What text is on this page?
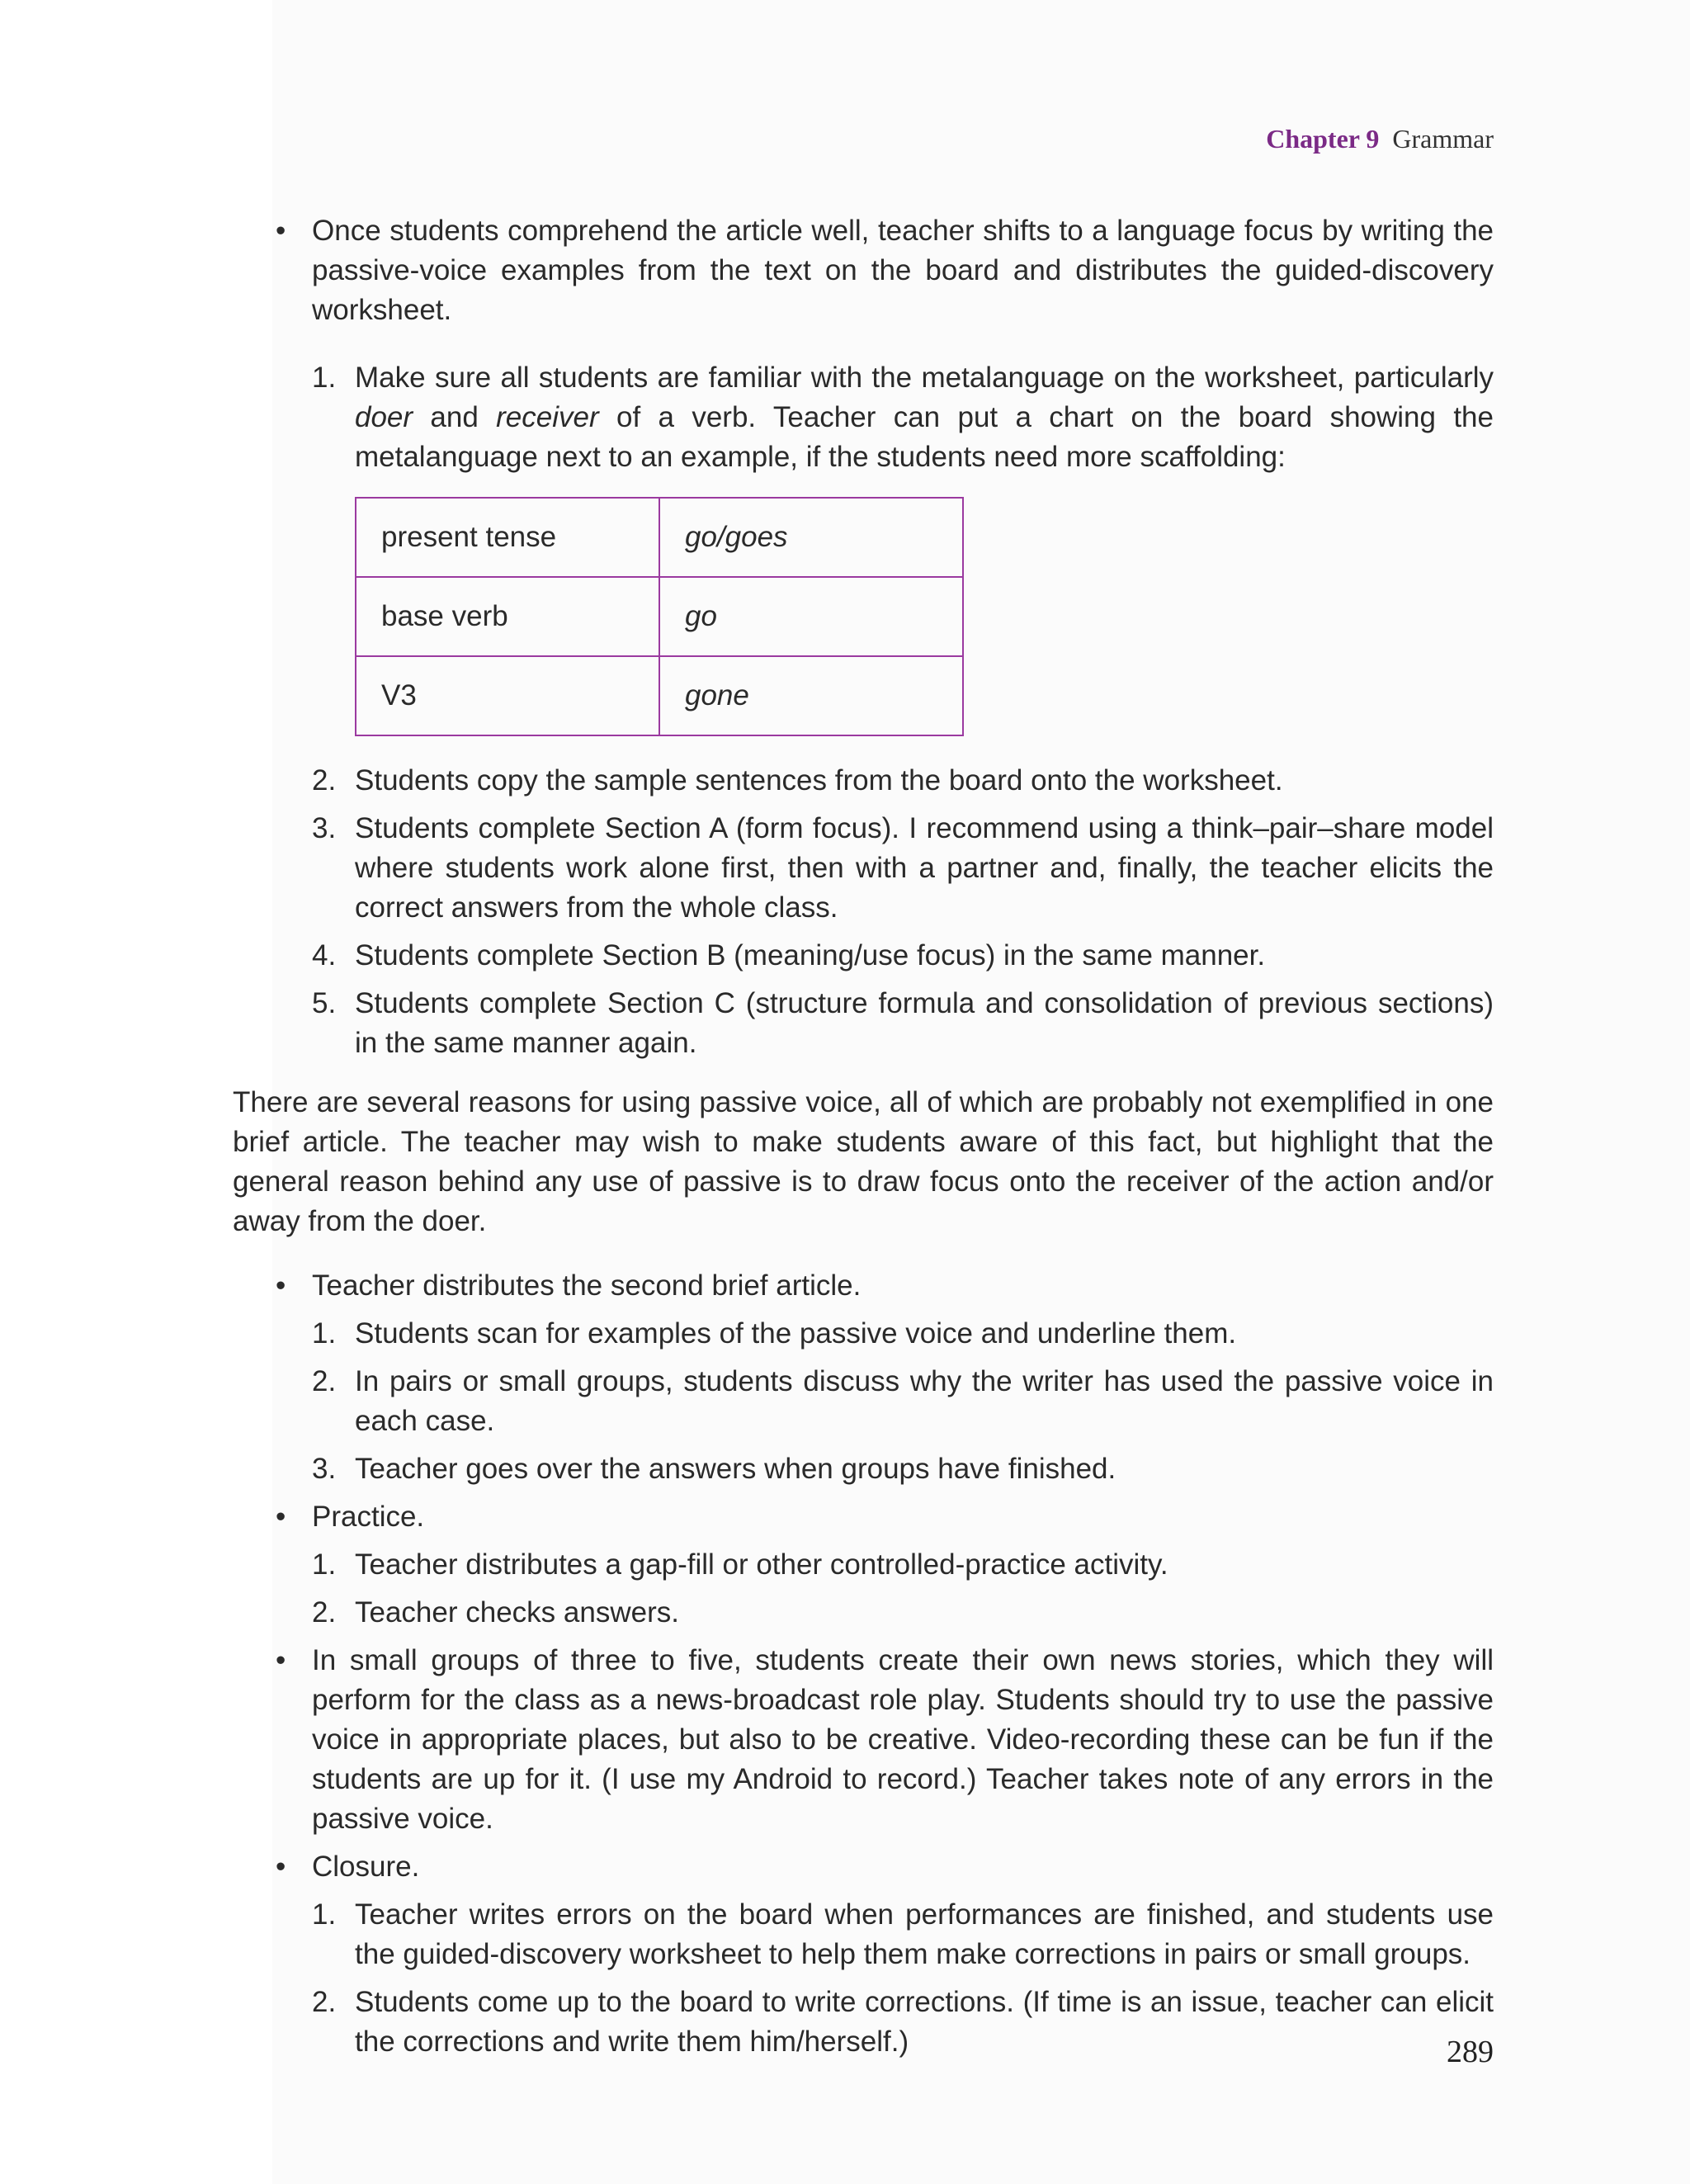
Chapter 9 Grammar
• Once students comprehend the article well, teacher shifts to a language focus by writing the passive-voice examples from the text on the board and distributes the guided-discovery worksheet.
1. Make sure all students are familiar with the metalanguage on the worksheet, particularly doer and receiver of a verb. Teacher can put a chart on the board showing the metalanguage next to an example, if the students need more scaffolding:
present tense	go/goes
base verb	go
V3	gone
2. Students copy the sample sentences from the board onto the worksheet.
3. Students complete Section A (form focus). I recommend using a think–pair–share model where students work alone first, then with a partner and, finally, the teacher elicits the correct answers from the whole class.
4. Students complete Section B (meaning/use focus) in the same manner.
5. Students complete Section C (structure formula and consolidation of previous sections) in the same manner again.

There are several reasons for using passive voice, all of which are probably not exemplified in one brief article. The teacher may wish to make students aware of this fact, but highlight that the general reason behind any use of passive is to draw focus onto the receiver of the action and/or away from the doer.

• Teacher distributes the second brief article.
1. Students scan for examples of the passive voice and underline them.
2. In pairs or small groups, students discuss why the writer has used the passive voice in each case.
3. Teacher goes over the answers when groups have finished.
• Practice.
1. Teacher distributes a gap-fill or other controlled-practice activity.
2. Teacher checks answers.
• In small groups of three to five, students create their own news stories, which they will perform for the class as a news-broadcast role play. Students should try to use the passive voice in appropriate places, but also to be creative. Video-recording these can be fun if the students are up for it. (I use my Android to record.) Teacher takes note of any errors in the passive voice.
• Closure.
1. Teacher writes errors on the board when performances are finished, and students use the guided-discovery worksheet to help them make corrections in pairs or small groups.
2. Students come up to the board to write corrections. (If time is an issue, teacher can elicit the corrections and write them him/herself.)	289
